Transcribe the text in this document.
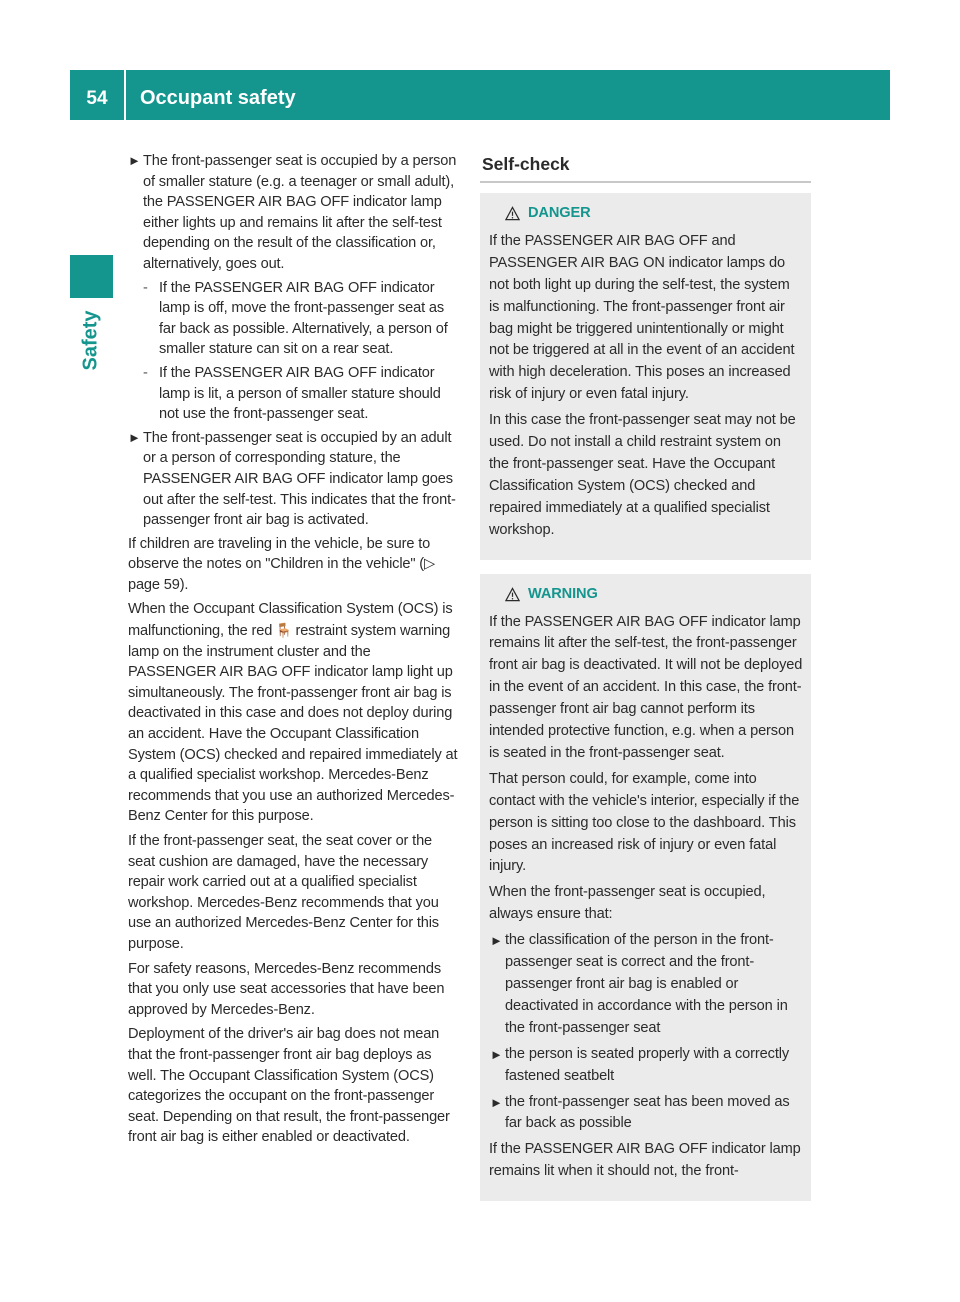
54	Occupant safety
Safety
► The front-passenger seat is occupied by a person of smaller stature (e.g. a teenager or small adult), the PASSENGER AIR BAG OFF indicator lamp either lights up and remains lit after the self-test depending on the result of the classification or, alternatively, goes out.
- If the PASSENGER AIR BAG OFF indicator lamp is off, move the front-passenger seat as far back as possible. Alternatively, a person of smaller stature can sit on a rear seat.
- If the PASSENGER AIR BAG OFF indicator lamp is lit, a person of smaller stature should not use the front-passenger seat.
► The front-passenger seat is occupied by an adult or a person of corresponding stature, the PASSENGER AIR BAG OFF indicator lamp goes out after the self-test. This indicates that the front-passenger front air bag is activated.

If children are traveling in the vehicle, be sure to observe the notes on "Children in the vehicle" (▷ page 59).

When the Occupant Classification System (OCS) is malfunctioning, the red 🪑 restraint system warning lamp on the instrument cluster and the PASSENGER AIR BAG OFF indicator lamp light up simultaneously. The front-passenger front air bag is deactivated in this case and does not deploy during an accident. Have the Occupant Classification System (OCS) checked and repaired immediately at a qualified specialist workshop. Mercedes-Benz recommends that you use an authorized Mercedes-Benz Center for this purpose.

If the front-passenger seat, the seat cover or the seat cushion are damaged, have the necessary repair work carried out at a qualified specialist workshop. Mercedes-Benz recommends that you use an authorized Mercedes-Benz Center for this purpose.

For safety reasons, Mercedes-Benz recommends that you only use seat accessories that have been approved by Mercedes-Benz.

Deployment of the driver's air bag does not mean that the front-passenger front air bag deploys as well. The Occupant Classification System (OCS) categorizes the occupant on the front-passenger seat. Depending on that result, the front-passenger front air bag is either enabled or deactivated.

Self-check
DANGER

If the PASSENGER AIR BAG OFF and PASSENGER AIR BAG ON indicator lamps do not both light up during the self-test, the system is malfunctioning. The front-passenger front air bag might be triggered unintentionally or might not be triggered at all in the event of an accident with high deceleration. This poses an increased risk of injury or even fatal injury.

In this case the front-passenger seat may not be used. Do not install a child restraint system on the front-passenger seat. Have the Occupant Classification System (OCS) checked and repaired immediately at a qualified specialist workshop.

WARNING

If the PASSENGER AIR BAG OFF indicator lamp remains lit after the self-test, the front-passenger front air bag is deactivated. It will not be deployed in the event of an accident. In this case, the front-passenger front air bag cannot perform its intended protective function, e.g. when a person is seated in the front-passenger seat.

That person could, for example, come into contact with the vehicle's interior, especially if the person is sitting too close to the dashboard. This poses an increased risk of injury or even fatal injury.

When the front-passenger seat is occupied, always ensure that:

► the classification of the person in the front-passenger seat is correct and the front-passenger front air bag is enabled or deactivated in accordance with the person in the front-passenger seat
► the person is seated properly with a correctly fastened seatbelt
► the front-passenger seat has been moved as far back as possible

If the PASSENGER AIR BAG OFF indicator lamp remains lit when it should not, the front-
